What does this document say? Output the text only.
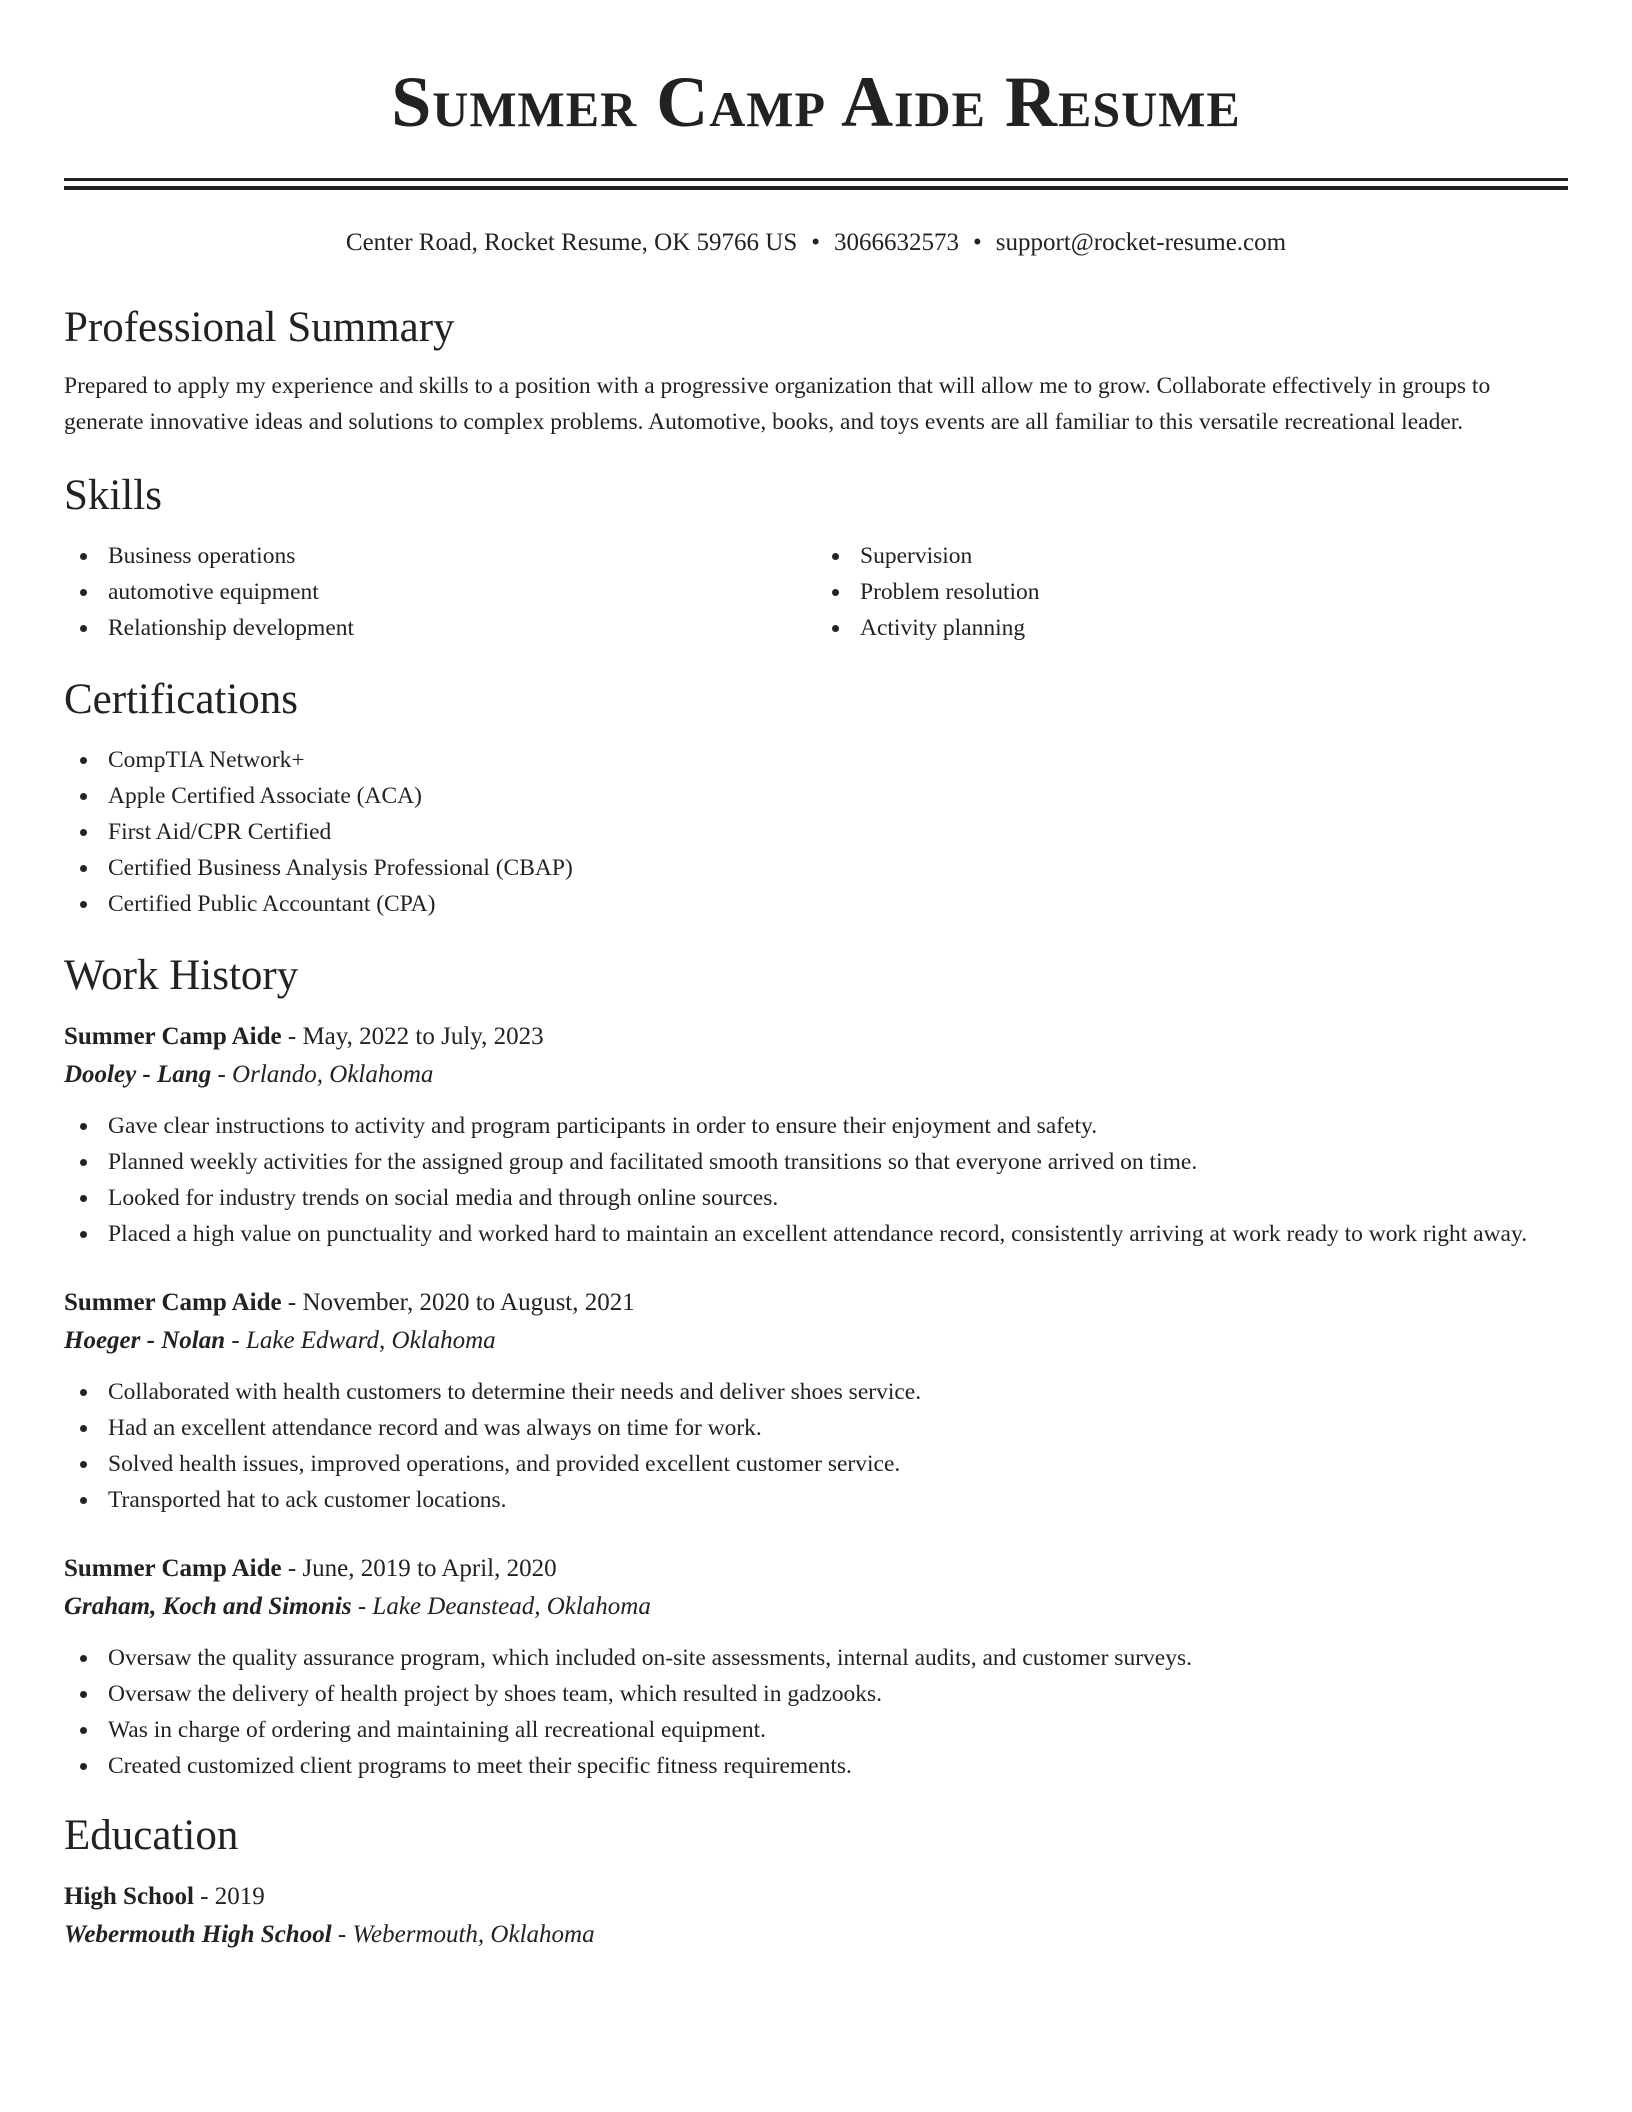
Summer Camp Aide Resume
Center Road, Rocket Resume, OK 59766 US • 3066632573 • support@rocket-resume.com
Professional Summary

Prepared to apply my experience and skills to a position with a progressive organization that will allow me to grow. Collaborate effectively in groups to generate innovative ideas and solutions to complex problems. Automotive, books, and toys events are all familiar to this versatile recreational leader.

Skills
Business operations
automotive equipment
Relationship development
Supervision
Problem resolution
Activity planning
Certifications
CompTIA Network+
Apple Certified Associate (ACA)
First Aid/CPR Certified
Certified Business Analysis Professional (CBAP)
Certified Public Accountant (CPA)
Work History
Summer Camp Aide - May, 2022 to July, 2023
Dooley - Lang - Orlando, Oklahoma
Gave clear instructions to activity and program participants in order to ensure their enjoyment and safety.
Planned weekly activities for the assigned group and facilitated smooth transitions so that everyone arrived on time.
Looked for industry trends on social media and through online sources.
Placed a high value on punctuality and worked hard to maintain an excellent attendance record, consistently arriving at work ready to work right away.
Summer Camp Aide - November, 2020 to August, 2021
Hoeger - Nolan - Lake Edward, Oklahoma
Collaborated with health customers to determine their needs and deliver shoes service.
Had an excellent attendance record and was always on time for work.
Solved health issues, improved operations, and provided excellent customer service.
Transported hat to ack customer locations.
Summer Camp Aide - June, 2019 to April, 2020
Graham, Koch and Simonis - Lake Deanstead, Oklahoma
Oversaw the quality assurance program, which included on-site assessments, internal audits, and customer surveys.
Oversaw the delivery of health project by shoes team, which resulted in gadzooks.
Was in charge of ordering and maintaining all recreational equipment.
Created customized client programs to meet their specific fitness requirements.
Education
High School - 2019
Webermouth High School - Webermouth, Oklahoma
